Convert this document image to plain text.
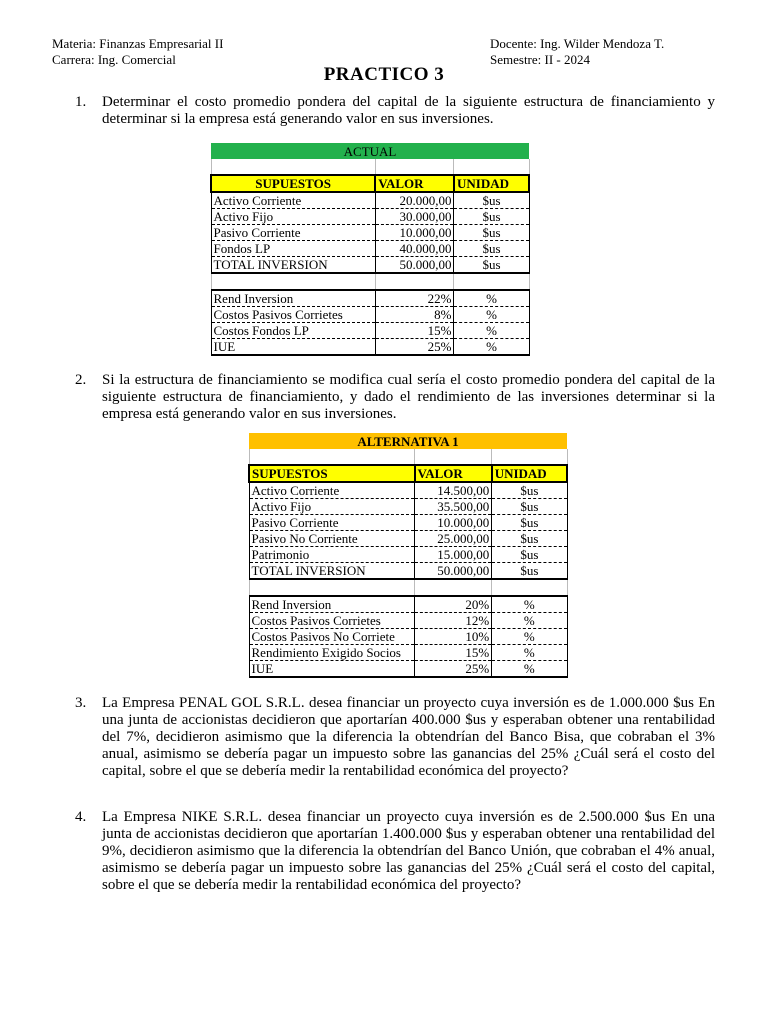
Materia: Finanzas Empresarial II
Carrera: Ing. Comercial
Docente: Ing. Wilder Mendoza T.
Semestre: II - 2024
PRACTICO 3
1. Determinar el costo promedio pondera del capital de la siguiente estructura de financiamiento y determinar si la empresa está generando valor en sus inversiones.
ACTUAL		

SUPUESTOS	VALOR	UNIDAD
Activo Corriente	20.000,00	$us
Activo Fijo	30.000,00	$us
Pasivo Corriente	10.000,00	$us
Fondos LP	40.000,00	$us
TOTAL INVERSION	50.000,00	$us

Rend Inversion	22%	%
Costos Pasivos Corrietes	8%	%
Costos Fondos LP	15%	%
IUE	25%	%
2. Si la estructura de financiamiento se modifica cual sería el costo promedio pondera del capital de la siguiente estructura de financiamiento, y dado el rendimiento de las inversiones determinar si la empresa está generando valor en sus inversiones.
ALTERNATIVA 1		

SUPUESTOS	VALOR	UNIDAD
Activo Corriente	14.500,00	$us
Activo Fijo	35.500,00	$us
Pasivo Corriente	10.000,00	$us
Pasivo No Corriente	25.000,00	$us
Patrimonio	15.000,00	$us
TOTAL INVERSION	50.000,00	$us

Rend Inversion	20%	%
Costos Pasivos Corrietes	12%	%
Costos Pasivos No Corriete	10%	%
Rendimiento Exigido Socios	15%	%
IUE	25%	%
3. La Empresa PENAL GOL S.R.L. desea financiar un proyecto cuya inversión es de 1.000.000 $us En una junta de accionistas decidieron que aportarían 400.000 $us y esperaban obtener una rentabilidad del 7%, decidieron asimismo que la diferencia la obtendrían del Banco Bisa, que cobraban el 3% anual, asimismo se debería pagar un impuesto sobre las ganancias del 25% ¿Cuál será el costo del capital, sobre el que se debería medir la rentabilidad económica del proyecto?
4. La Empresa NIKE S.R.L. desea financiar un proyecto cuya inversión es de 2.500.000 $us En una junta de accionistas decidieron que aportarían 1.400.000 $us y esperaban obtener una rentabilidad del 9%, decidieron asimismo que la diferencia la obtendrían del Banco Unión, que cobraban el 4% anual, asimismo se debería pagar un impuesto sobre las ganancias del 25% ¿Cuál será el costo del capital, sobre el que se debería medir la rentabilidad económica del proyecto?
